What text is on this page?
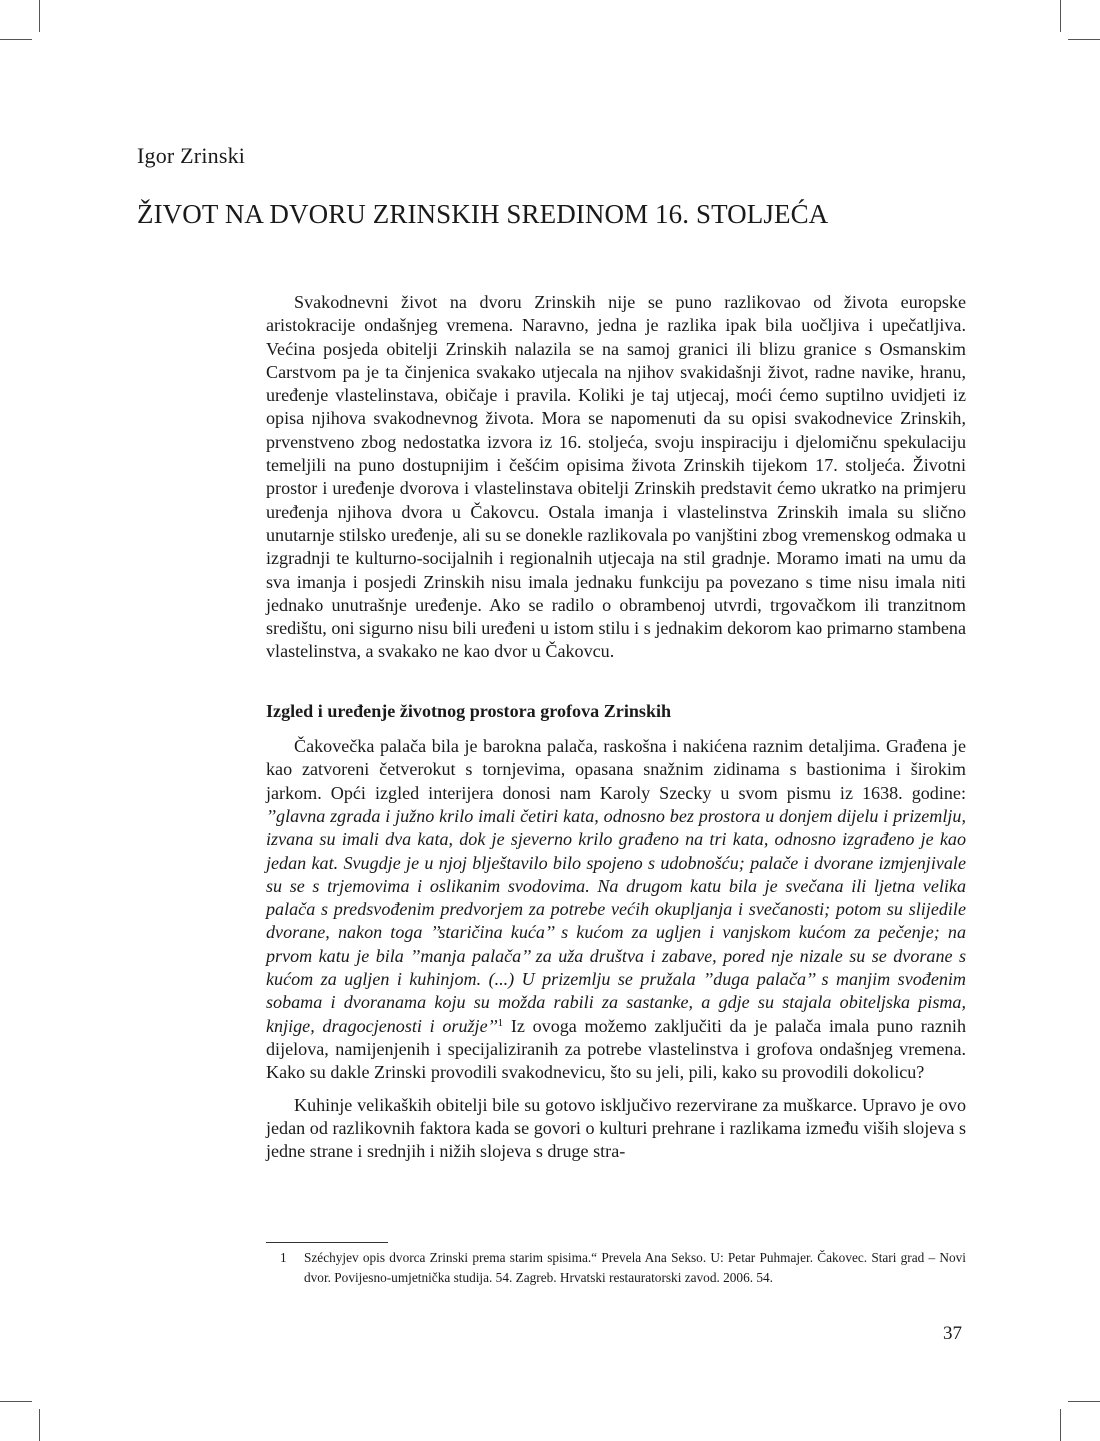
Igor Zrinski
ŽIVOT NA DVORU ZRINSKIH SREDINOM 16. STOLJEĆA

Svakodnevni život na dvoru Zrinskih nije se puno razlikovao od života europske aristokracije ondašnjeg vremena. Naravno, jedna je razlika ipak bila uočljiva i upečatljiva. Većina posjeda obitelji Zrinskih nalazila se na samoj granici ili blizu granice s Osmanskim Carstvom pa je ta činjenica svakako utjecala na njihov svakidašnji život, radne navike, hranu, uređenje vlastelinstava, običaje i pravila. Koliki je taj utjecaj, moći ćemo suptilno uvidjeti iz opisa njihova svakodnevnog života. Mora se napomenuti da su opisi svakodnevice Zrinskih, prvenstveno zbog nedostatka izvora iz 16. stoljeća, svoju inspiraciju i djelomičnu spekulaciju temeljili na puno dostupnijim i češćim opisima života Zrinskih tijekom 17. stoljeća. Životni prostor i uređenje dvorova i vlastelinstava obitelji Zrinskih predstavit ćemo ukratko na primjeru uređenja njihova dvora u Čakovcu. Ostala imanja i vlastelinstva Zrinskih imala su slično unutarnje stilsko uređenje, ali su se donekle razlikovala po vanjštini zbog vremenskog odmaka u izgradnji te kulturno-socijalnih i regionalnih utjecaja na stil gradnje. Moramo imati na umu da sva imanja i posjedi Zrinskih nisu imala jednaku funkciju pa povezano s time nisu imala niti jednako unutrašnje uređenje. Ako se radilo o obrambenoj utvrdi, trgovačkom ili tranzitnom središtu, oni sigurno nisu bili uređeni u istom stilu i s jednakim dekorom kao primarno stambena vlastelinstva, a svakako ne kao dvor u Čakovcu.

Izgled i uređenje životnog prostora grofova Zrinskih

Čakovečka palača bila je barokna palača, raskošna i nakićena raznim detaljima. Građena je kao zatvoreni četverokut s tornjevima, opasana snažnim zidinama s bastionima i širokim jarkom. Opći izgled interijera donosi nam Karoly Szecky u svom pismu iz 1638. godine: ’’glavna zgrada i južno krilo imali četiri kata, odnosno bez prostora u donjem dijelu i prizemlju, izvana su imali dva kata, dok je sjeverno krilo građeno na tri kata, odnosno izgrađeno je kao jedan kat. Svugdje je u njoj blještavilo bilo spojeno s udobnošću; palače i dvorane izmjenjivale su se s trjemovima i oslikanim svodovima. Na drugom katu bila je svečana ili ljetna velika palača s predsvođenim predvorjem za potrebe većih okupljanja i svečanosti; potom su slijedile dvorane, nakon toga ’’staričina kuća’’ s kućom za ugljen i vanjskom kućom za pečenje; na prvom katu je bila ’’manja palača’’ za uža društva i zabave, pored nje nizale su se dvorane s kućom za ugljen i kuhinjom. (...) U prizemlju se pružala ’’duga palača’’ s manjim svođenim sobama i dvoranama koju su možda rabili za sastanke, a gdje su stajala obiteljska pisma, knjige, dragocjenosti i oružje’’$^1$ Iz ovoga možemo zaključiti da je palača imala puno raznih dijelova, namijenjenih i specijaliziranih za potrebe vlastelinstva i grofova ondašnjeg vremena. Kako su dakle Zrinski provodili svakodnevicu, što su jeli, pili, kako su provodili dokolicu?

Kuhinje velikaških obitelji bile su gotovo isključivo rezervirane za muškarce. Upravo je ovo jedan od razlikovnih faktora kada se govori o kulturi prehrane i razlikama između viših slojeva s jedne strane i srednjih i nižih slojeva s druge stra-

1	Széchyjev opis dvorca Zrinski prema starim spisima.“ Prevela Ana Sekso. U: Petar Puhmajer. Čakovec. Stari grad – Novi dvor. Povijesno-umjetnička studija. 54. Zagreb. Hrvatski restauratorski zavod. 2006. 54.
37
